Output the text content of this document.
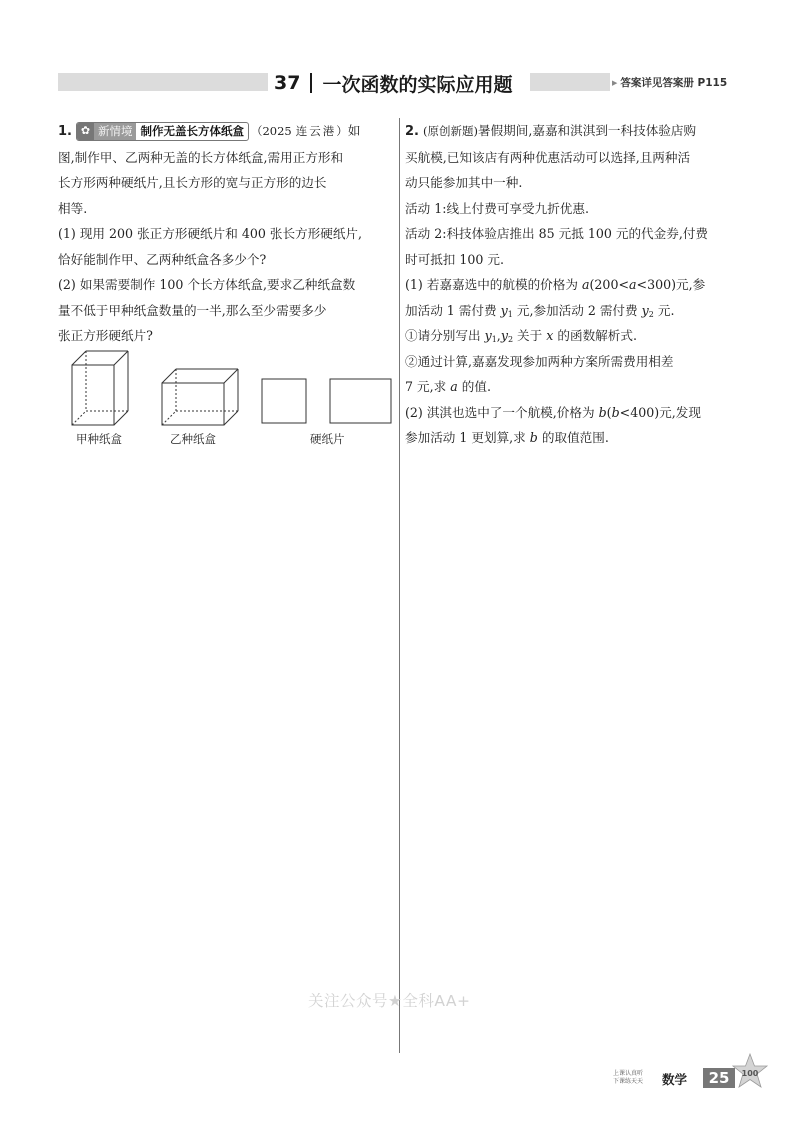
37 一次函数的实际应用题	▶ 答案详见答案册 P115
1. ✿ 新情境 制作无盖长方体纸盒 （2025 连云港）如
图,制作甲、乙两种无盖的长方体纸盒,需用正方形和
长方形两种硬纸片,且长方形的宽与正方形的边长
相等.
(1) 现用 200 张正方形硬纸片和 400 张长方形硬纸片,
恰好能制作甲、乙两种纸盒各多少个?
(2) 如果需要制作 100 个长方体纸盒,要求乙种纸盒数
量不低于甲种纸盒数量的一半,那么至少需要多少
张正方形硬纸片?
甲种纸盒	乙种纸盒	硬纸片
2. (原创新题)暑假期间,嘉嘉和淇淇到一科技体验店购
买航模,已知该店有两种优惠活动可以选择,且两种活
动只能参加其中一种.
活动 1:线上付费可享受九折优惠.
活动 2:科技体验店推出 85 元抵 100 元的代金券,付费
时可抵扣 100 元.
(1) 若嘉嘉选中的航模的价格为 a(200<a<300)元,参
加活动 1 需付费 $y_1$ 元,参加活动 2 需付费 $y_2$ 元.
①请分别写出 $y_1,y_2$ 关于 x 的函数解析式.
②通过计算,嘉嘉发现参加两种方案所需费用相差
7 元,求 a 的值.
(2) 淇淇也选中了一个航模,价格为 b(b<400)元,发现
参加活动 1 更划算,求 b 的取值范围.
关注公众号★全科AA+
上课认真听
下课练天天 数学	25	100
